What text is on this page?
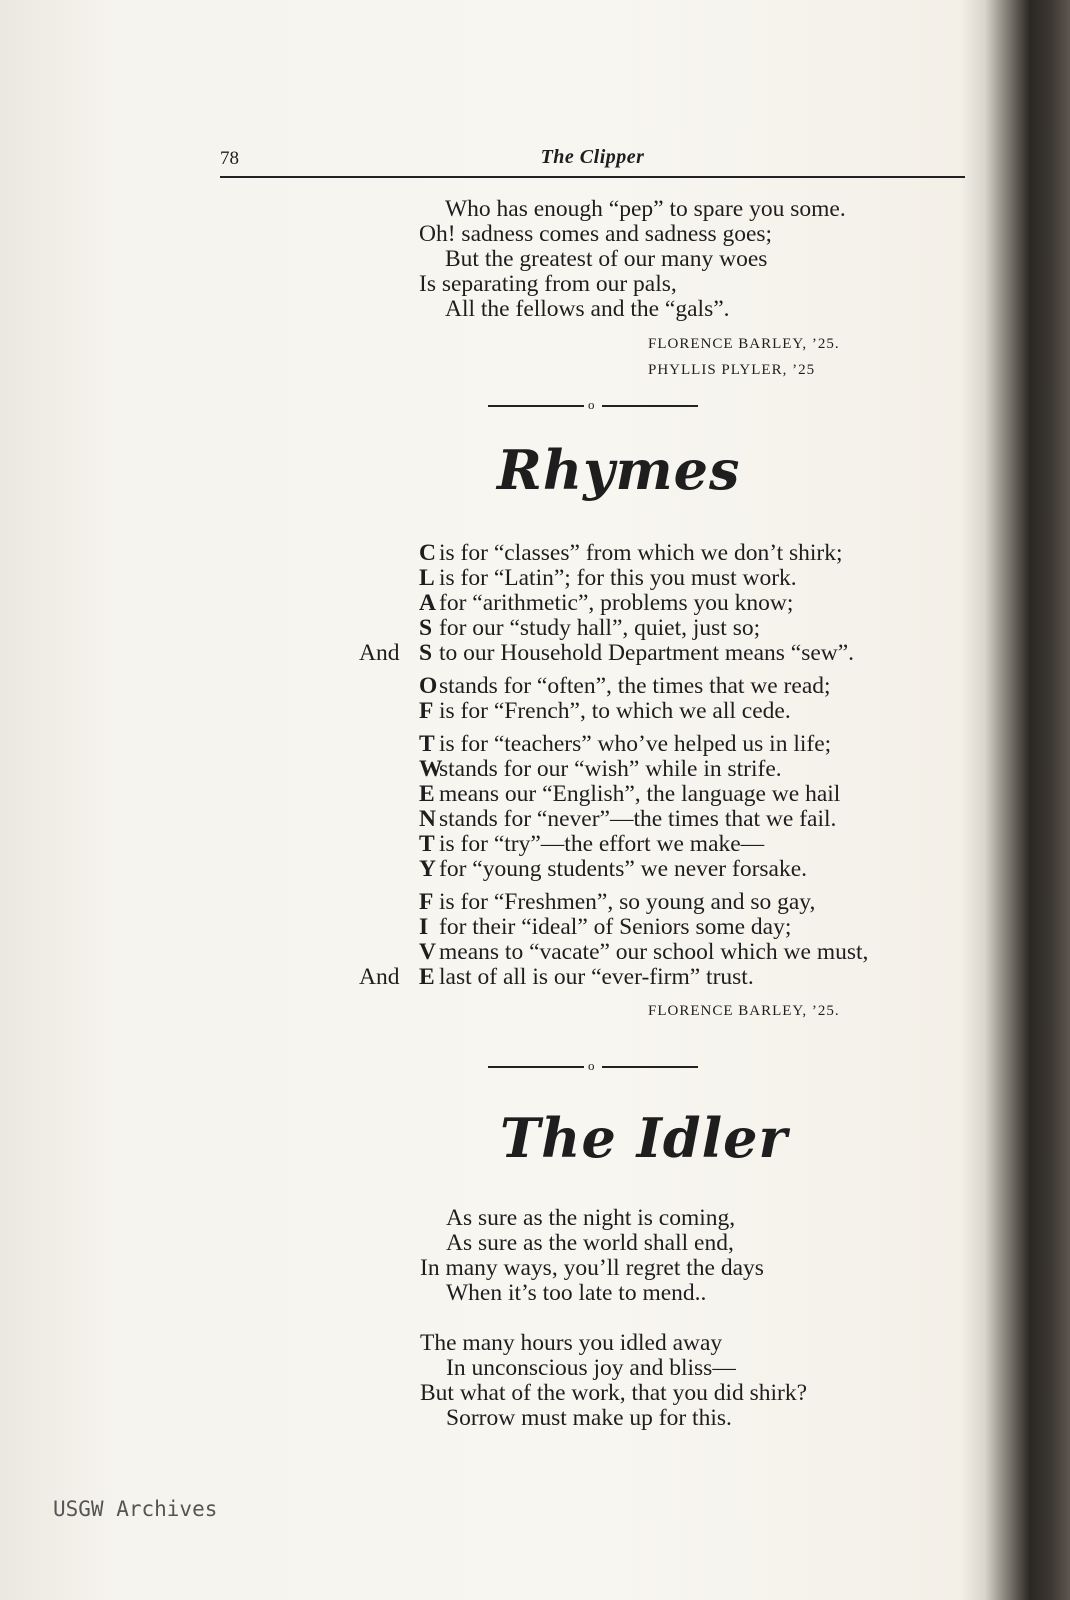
78	The Clipper
Who has enough “pep” to spare you some.
Oh! sadness comes and sadness goes;
But the greatest of our many woes
Is separating from our pals,
All the fellows and the “gals”.
FLORENCE BARLEY, ’25.
PHYLLIS PLYLER, ’25
o
Rhymes
C is for “classes” from which we don’t shirk;
L is for “Latin”; for this you must work.
A for “arithmetic”, problems you know;
S for our “study hall”, quiet, just so;
And S to our Household Department means “sew”.
O stands for “often”, the times that we read;
F is for “French”, to which we all cede.
T is for “teachers” who’ve helped us in life;
W
stands for our “wish” while in strife.
E means our “English”, the language we hail
N stands for “never”—the times that we fail.
T is for “try”—the effort we make—
Y for “young students” we never forsake.
F is for “Freshmen”, so young and so gay,
I for their “ideal” of Seniors some day;
V means to “vacate” our school which we must,
And E last of all is our “ever-firm” trust.
FLORENCE BARLEY, ’25.
o
The Idler
As sure as the night is coming,
As sure as the world shall end,
In many ways, you’ll regret the days
When it’s too late to mend..
The many hours you idled away
In unconscious joy and bliss—
But what of the work, that you did shirk?
Sorrow must make up for this.
USGW Archives
